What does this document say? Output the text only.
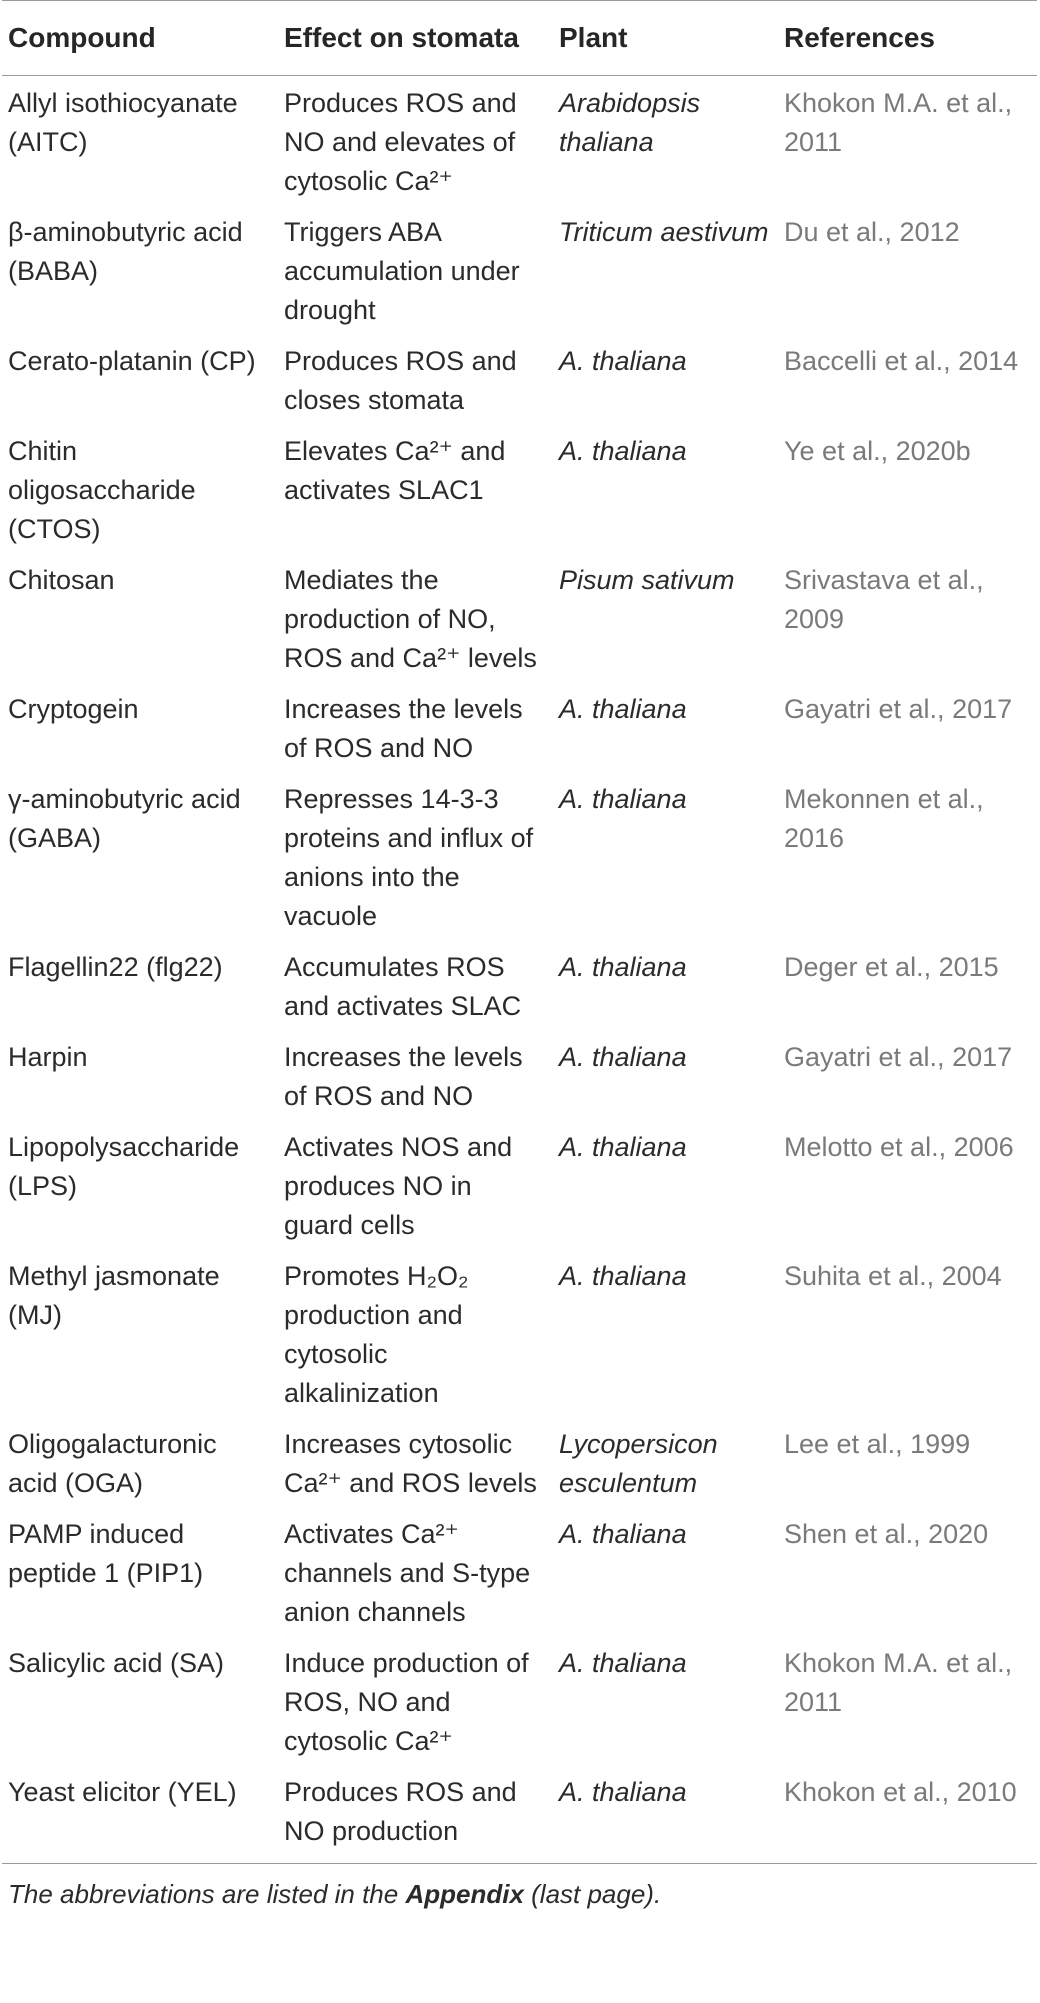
Compound	Effect on stomata	Plant	References
Allyl isothiocyanate (AITC)	Produces ROS and NO and elevates of cytosolic Ca²⁺	Arabidopsis thaliana	Khokon M.A. et al., 2011
β-aminobutyric acid (BABA)	Triggers ABA accumulation under drought	Triticum aestivum	Du et al., 2012
Cerato-platanin (CP)	Produces ROS and closes stomata	A. thaliana	Baccelli et al., 2014
Chitin oligosaccharide (CTOS)	Elevates Ca²⁺ and activates SLAC1	A. thaliana	Ye et al., 2020b
Chitosan	Mediates the production of NO, ROS and Ca²⁺ levels	Pisum sativum	Srivastava et al., 2009
Cryptogein	Increases the levels of ROS and NO	A. thaliana	Gayatri et al., 2017
γ-aminobutyric acid (GABA)	Represses 14-3-3 proteins and influx of anions into the vacuole	A. thaliana	Mekonnen et al., 2016
Flagellin22 (flg22)	Accumulates ROS and activates SLAC	A. thaliana	Deger et al., 2015
Harpin	Increases the levels of ROS and NO	A. thaliana	Gayatri et al., 2017
Lipopolysaccharide (LPS)	Activates NOS and produces NO in guard cells	A. thaliana	Melotto et al., 2006
Methyl jasmonate (MJ)	Promotes H₂O₂ production and cytosolic alkalinization	A. thaliana	Suhita et al., 2004
Oligogalacturonic acid (OGA)	Increases cytosolic Ca²⁺ and ROS levels	Lycopersicon esculentum	Lee et al., 1999
PAMP induced peptide 1 (PIP1)	Activates Ca²⁺ channels and S-type anion channels	A. thaliana	Shen et al., 2020
Salicylic acid (SA)	Induce production of ROS, NO and cytosolic Ca²⁺	A. thaliana	Khokon M.A. et al., 2011
Yeast elicitor (YEL)	Produces ROS and NO production	A. thaliana	Khokon et al., 2010
The abbreviations are listed in the Appendix (last page).
